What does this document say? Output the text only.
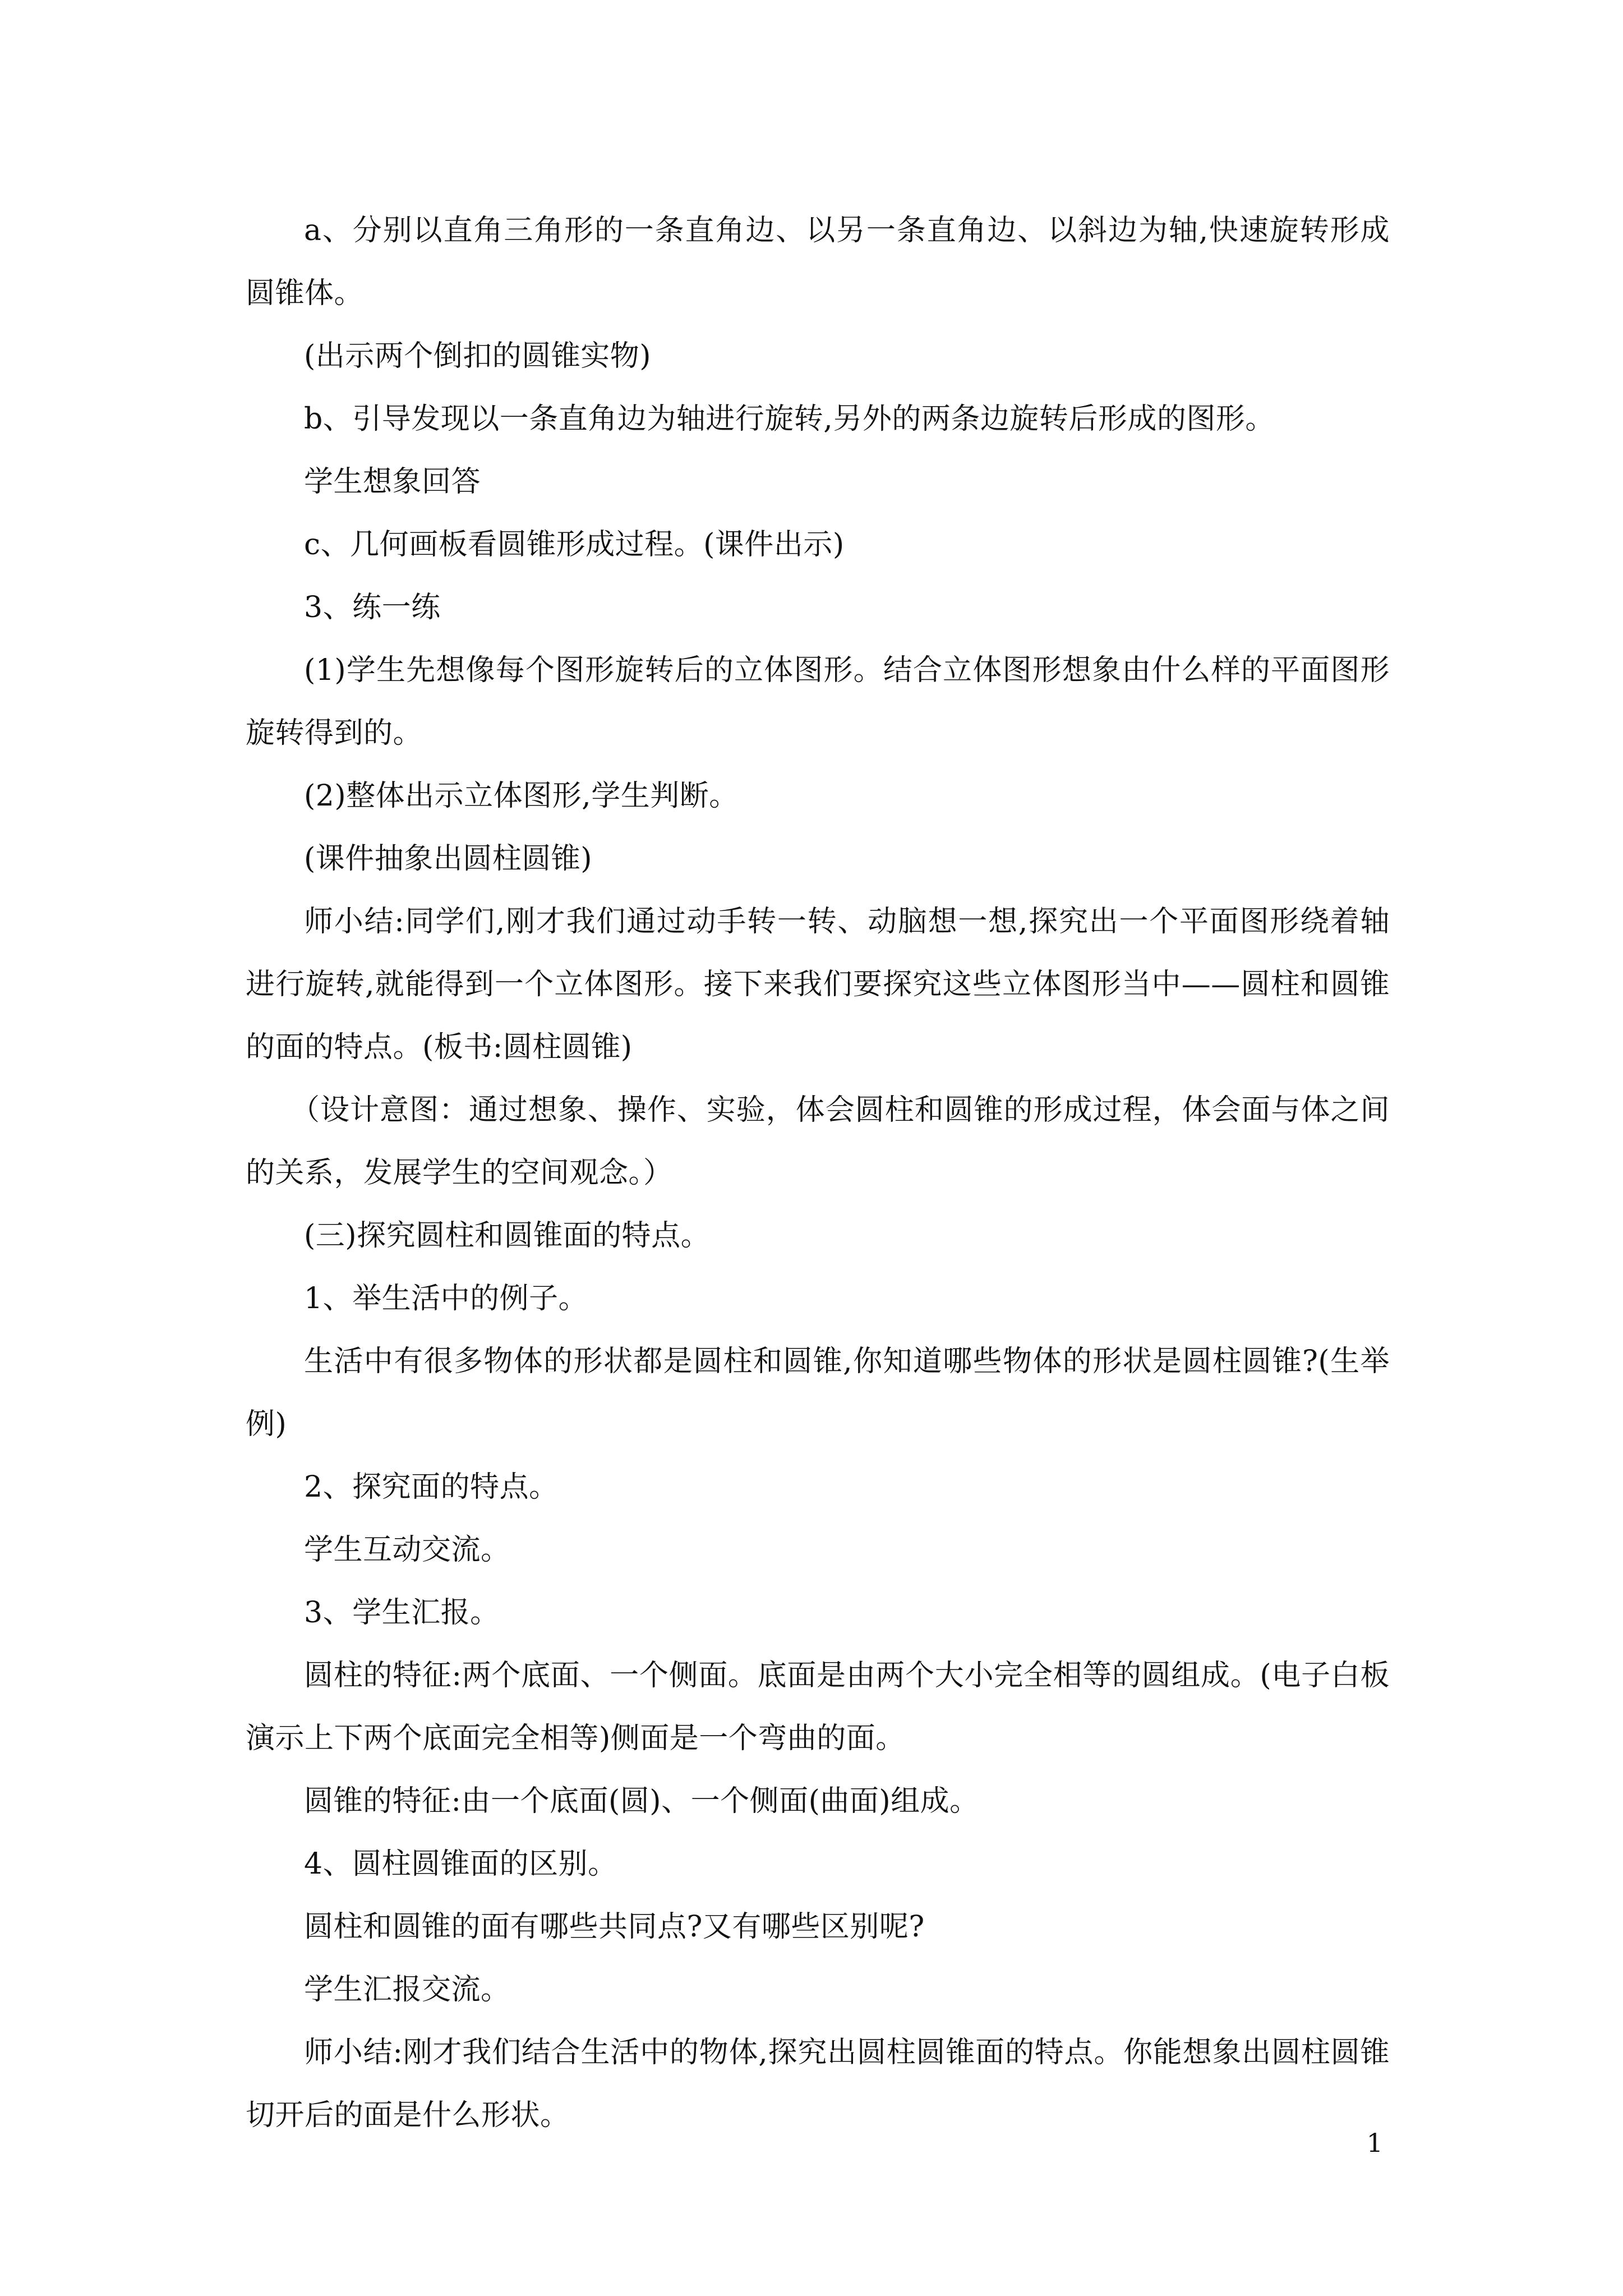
a、分别以直角三角形的一条直角边、以另一条直角边、以斜边为轴,快速旋转形成圆锥体。

(出示两个倒扣的圆锥实物)

b、引导发现以一条直角边为轴进行旋转,另外的两条边旋转后形成的图形。

学生想象回答

c、几何画板看圆锥形成过程。(课件出示)

3、练一练

(1)学生先想像每个图形旋转后的立体图形。结合立体图形想象由什么样的平面图形旋转得到的。

(2)整体出示立体图形,学生判断。

(课件抽象出圆柱圆锥)

师小结:同学们,刚才我们通过动手转一转、动脑想一想,探究出一个平面图形绕着轴进行旋转,就能得到一个立体图形。接下来我们要探究这些立体图形当中——圆柱和圆锥的面的特点。(板书:圆柱圆锥)

（设计意图：通过想象、操作、实验，体会圆柱和圆锥的形成过程，体会面与体之间的关系，发展学生的空间观念。）

(三)探究圆柱和圆锥面的特点。

1、举生活中的例子。

生活中有很多物体的形状都是圆柱和圆锥,你知道哪些物体的形状是圆柱圆锥?(生举例)

2、探究面的特点。

学生互动交流。

3、学生汇报。

圆柱的特征:两个底面、一个侧面。底面是由两个大小完全相等的圆组成。(电子白板演示上下两个底面完全相等)侧面是一个弯曲的面。

圆锥的特征:由一个底面(圆)、一个侧面(曲面)组成。

4、圆柱圆锥面的区别。

圆柱和圆锥的面有哪些共同点?又有哪些区别呢?

学生汇报交流。

师小结:刚才我们结合生活中的物体,探究出圆柱圆锥面的特点。你能想象出圆柱圆锥切开后的面是什么形状。

1
